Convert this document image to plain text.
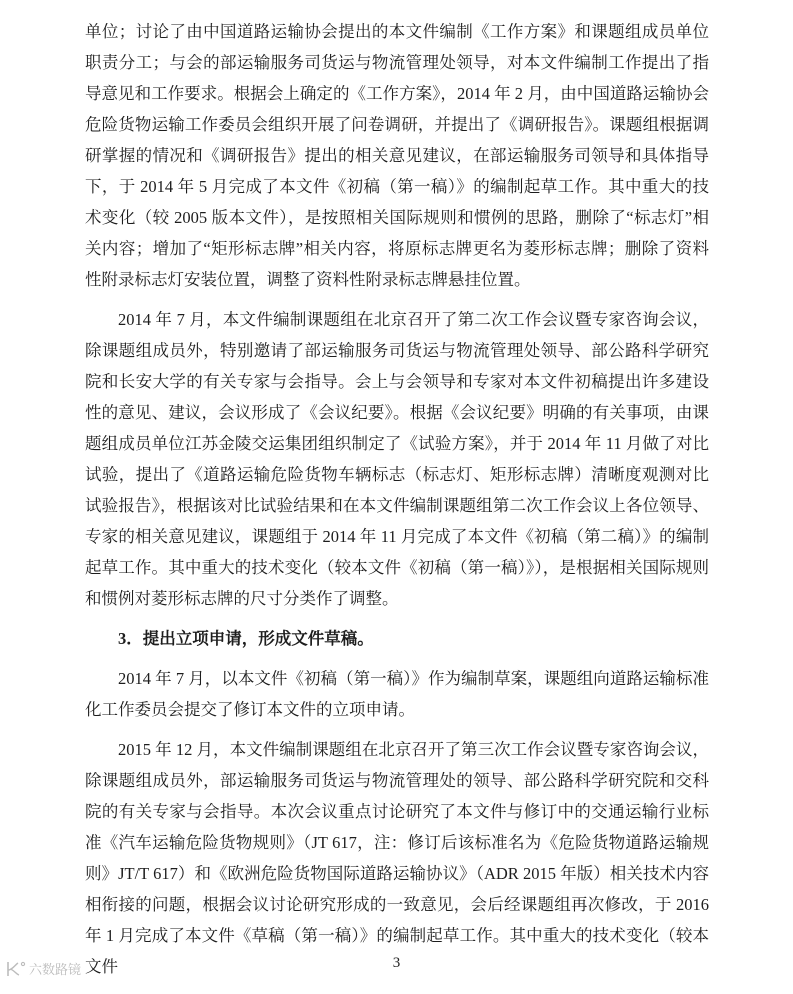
单位；讨论了由中国道路运输协会提出的本文件编制《工作方案》和课题组成员单位职责分工；与会的部运输服务司货运与物流管理处领导，对本文件编制工作提出了指导意见和工作要求。根据会上确定的《工作方案》，2014 年 2 月，由中国道路运输协会危险货物运输工作委员会组织开展了问卷调研，并提出了《调研报告》。课题组根据调研掌握的情况和《调研报告》提出的相关意见建议，在部运输服务司领导和具体指导下，于 2014 年 5 月完成了本文件《初稿（第一稿）》的编制起草工作。其中重大的技术变化（较 2005 版本文件），是按照相关国际规则和惯例的思路，删除了“标志灯”相关内容；增加了“矩形标志牌”相关内容，将原标志牌更名为菱形标志牌；删除了资料性附录标志灯安装位置，调整了资料性附录标志牌悬挂位置。

2014 年 7 月，本文件编制课题组在北京召开了第二次工作会议暨专家咨询会议，除课题组成员外，特别邀请了部运输服务司货运与物流管理处领导、部公路科学研究院和长安大学的有关专家与会指导。会上与会领导和专家对本文件初稿提出许多建设性的意见、建议，会议形成了《会议纪要》。根据《会议纪要》明确的有关事项，由课题组成员单位江苏金陵交运集团组织制定了《试验方案》，并于 2014 年 11 月做了对比试验，提出了《道路运输危险货物车辆标志（标志灯、矩形标志牌）清晰度观测对比试验报告》，根据该对比试验结果和在本文件编制课题组第二次工作会议上各位领导、专家的相关意见建议，课题组于 2014 年 11 月完成了本文件《初稿（第二稿）》的编制起草工作。其中重大的技术变化（较本文件《初稿（第一稿）》），是根据相关国际规则和惯例对菱形标志牌的尺寸分类作了调整。

3．提出立项申请，形成文件草稿。

2014 年 7 月，以本文件《初稿（第一稿）》作为编制草案，课题组向道路运输标准化工作委员会提交了修订本文件的立项申请。

2015 年 12 月，本文件编制课题组在北京召开了第三次工作会议暨专家咨询会议，除课题组成员外，部运输服务司货运与物流管理处的领导、部公路科学研究院和交科院的有关专家与会指导。本次会议重点讨论研究了本文件与修订中的交通运输行业标准《汽车运输危险货物规则》（JT 617，注：修订后该标准名为《危险货物道路运输规则》JT/T 617）和《欧洲危险货物国际道路运输协议》（ADR 2015 年版）相关技术内容相衔接的问题，根据会议讨论研究形成的一致意见，会后经课题组再次修改，于 2016 年 1 月完成了本文件《草稿（第一稿）》的编制起草工作。其中重大的技术变化（较本文件

六数路镜	3
